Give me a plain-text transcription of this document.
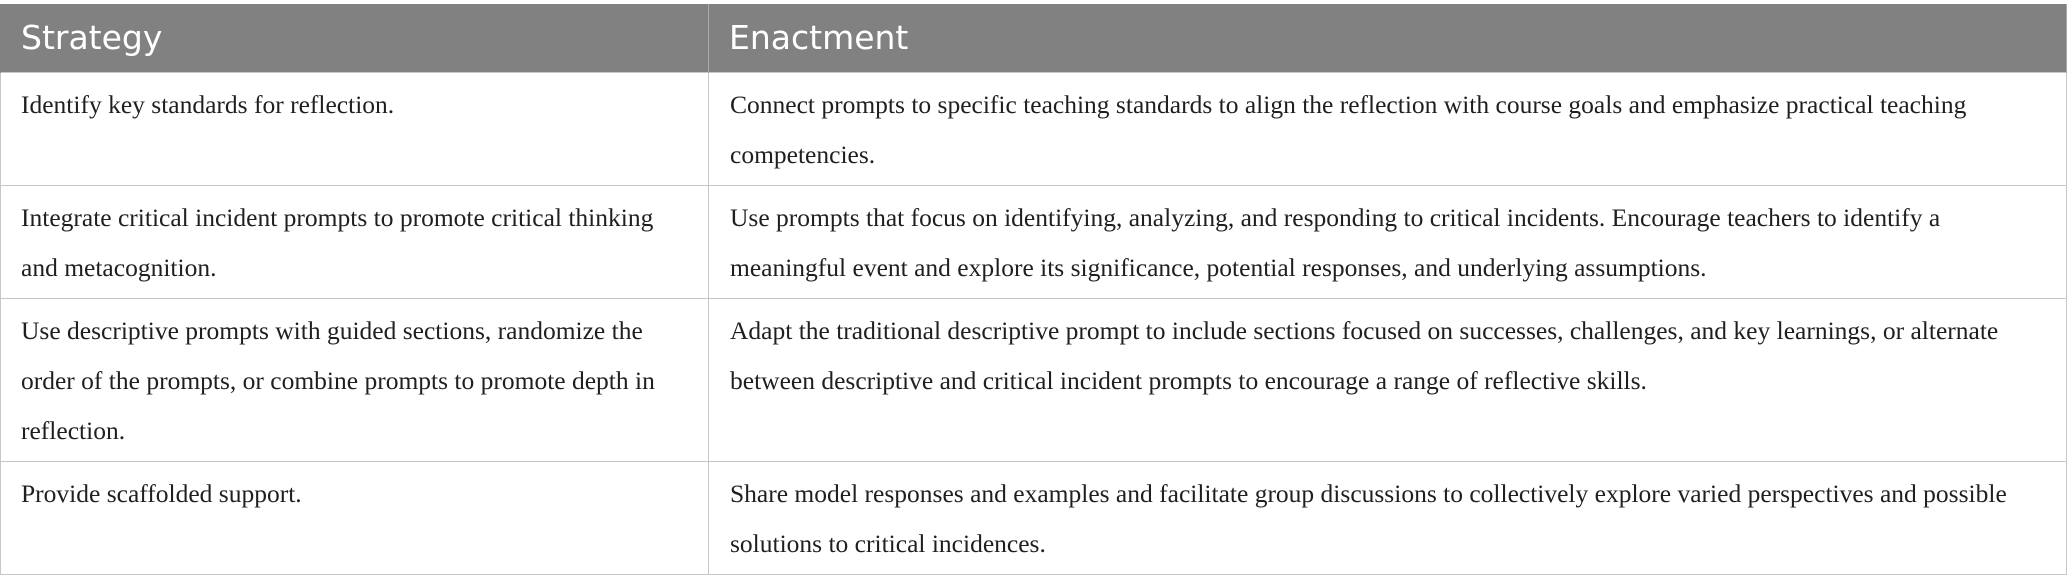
Strategy	Enactment
Identify key standards for reflection.	Connect prompts to specific teaching standards to align the reflection with course goals and emphasize practical teaching competencies.
Integrate critical incident prompts to promote critical thinking and metacognition.	Use prompts that focus on identifying, analyzing, and responding to critical incidents. Encourage teachers to identify a meaningful event and explore its significance, potential responses, and underlying assumptions.
Use descriptive prompts with guided sections, randomize the order of the prompts, or combine prompts to promote depth in reflection.	Adapt the traditional descriptive prompt to include sections focused on successes, challenges, and key learnings, or alternate between descriptive and critical incident prompts to encourage a range of reflective skills.
Provide scaffolded support.	Share model responses and examples and facilitate group discussions to collectively explore varied perspectives and possible solutions to critical incidences.
